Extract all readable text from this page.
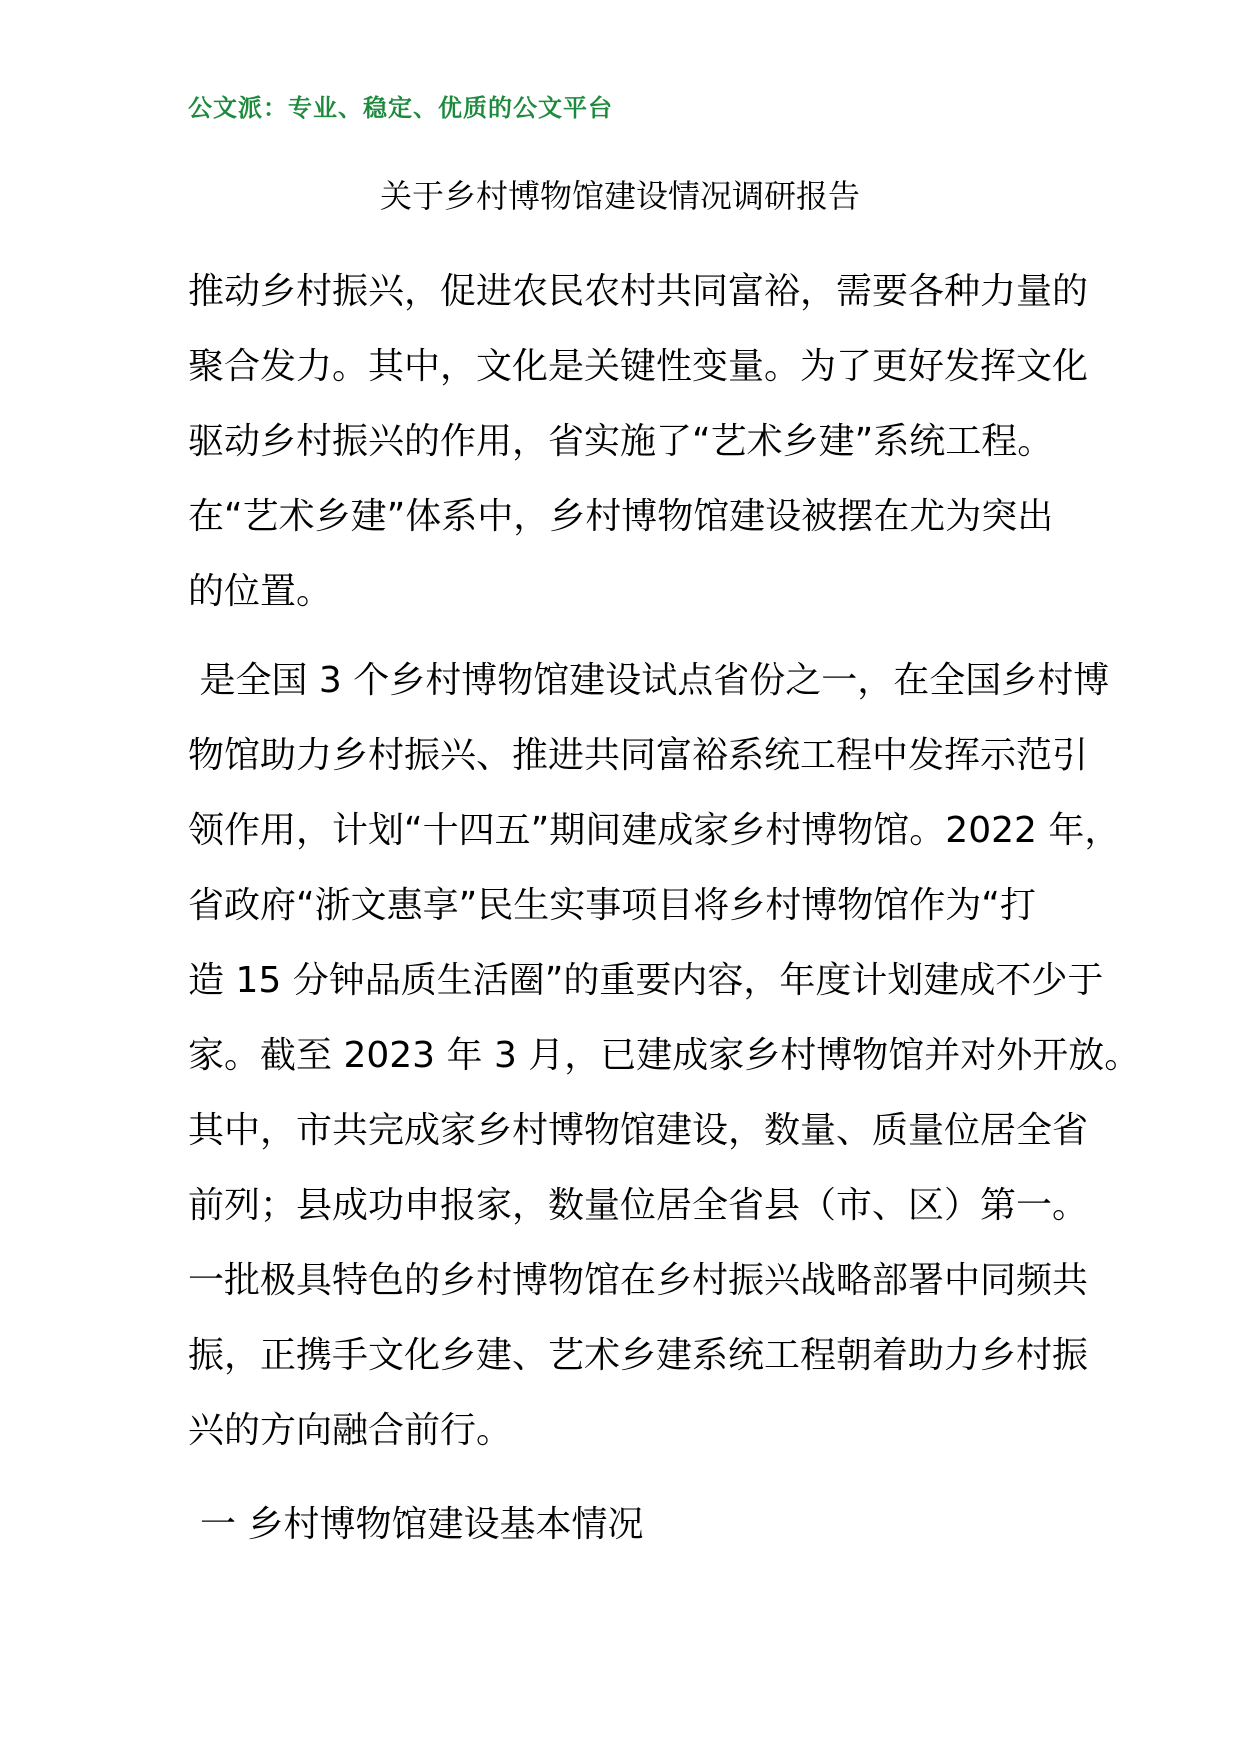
公文派：专业、稳定、优质的公文平台
关于乡村博物馆建设情况调研报告

推动乡村振兴，促进农民农村共同富裕，需要各种力量的
聚合发力。其中，文化是关键性变量。为了更好发挥文化
驱动乡村振兴的作用，省实施了“艺术乡建”系统工程。
在“艺术乡建”体系中，乡村博物馆建设被摆在尤为突出
的位置。

是全国 3 个乡村博物馆建设试点省份之一，在全国乡村博
物馆助力乡村振兴、推进共同富裕系统工程中发挥示范引
领作用，计划“十四五”期间建成家乡村博物馆。2022 年，
省政府“浙文惠享”民生实事项目将乡村博物馆作为“打
造 15 分钟品质生活圈”的重要内容，年度计划建成不少于
家。截至 2023 年 3 月，已建成家乡村博物馆并对外开放。
其中，市共完成家乡村博物馆建设，数量、质量位居全省
前列；县成功申报家，数量位居全省县（市、区）第一。
一批极具特色的乡村博物馆在乡村振兴战略部署中同频共
振，正携手文化乡建、艺术乡建系统工程朝着助力乡村振
兴的方向融合前行。

一 乡村博物馆建设基本情况
